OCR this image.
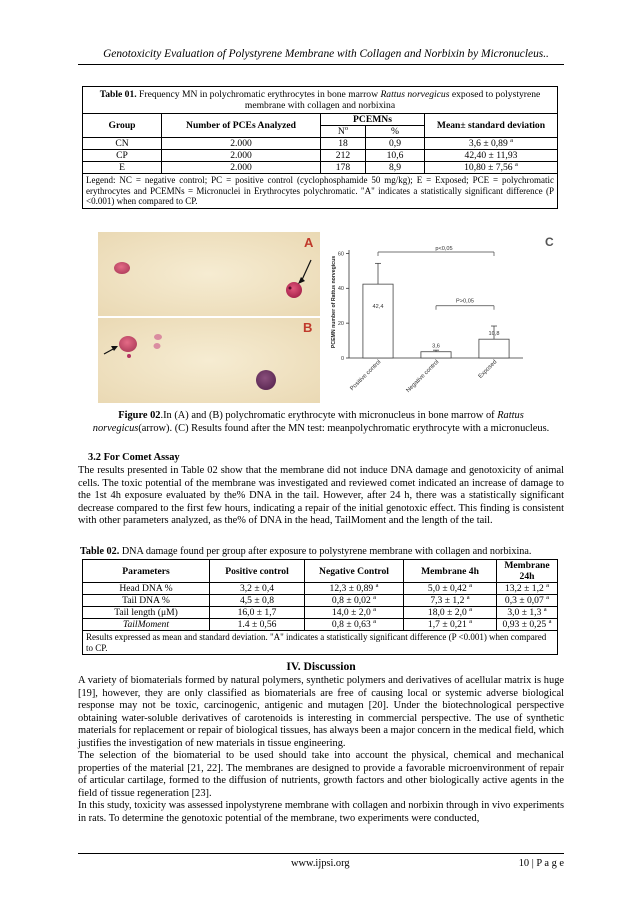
Genotoxicity Evaluation of Polystyrene Membrane with Collagen and Norbixin by Micronucleus..
Table 01. Frequency MN in polychromatic erythrocytes in bone marrow Rattus norvegicus exposed to polystyrene membrane with collagen and norbixina				
Group	Number of PCEs Analyzed	PCEMNs		Mean± standard deviation
		$N^o$	%	
CN	2.000	18	0,9	3,6 ± 0,89 $^a$
CP	2.000	212	10,6	42,40 ± 11,93
E	2.000	178	8,9	10,80 ± 7,56 $^a$
Legend: NC = negative control; PC = positive control (cyclophosphamide 50 mg/kg); E = Exposed; PCE = polychromatic erythrocytes and PCEMNs = Micronuclei in Erythrocytes polychromatic. "A" indicates a statistically significant difference (P <0.001) when compared to CP.				
A
B
C
PCEMN number of Rattus norvegicus
0
20
40
60
42,4
3,6
10,8
p<0,05
P>0,05
Positive control	Negative control	Exposed
Figure 02.In (A) and (B) polychromatic erythrocyte with micronucleus in bone marrow of Rattus norvegicus(arrow). (C) Results found after the MN test: meanpolychromatic erythrocyte with a micronucleus.
3.2 For Comet Assay
The results presented in Table 02 show that the membrane did not induce DNA damage and genotoxicity of animal cells. The toxic potential of the membrane was investigated and reviewed comet indicated an increase of damage to the 1st 4h exposure evaluated by the% DNA in the tail. However, after 24 h, there was a statistically significant decrease compared to the first few hours, indicating a repair of the initial genotoxic effect. This finding is consistent with other parameters analyzed, as the% of DNA in the head, TailMoment and the length of the tail.
Table 02. DNA damage found per group after exposure to polystyrene membrane with collagen and norbixina.
Parameters	Positive control	Negative Control	Membrane 4h	Membrane 24h
Head DNA %	3,2 ± 0,4	12,3 ± 0,89 $^a$	5,0 ± 0,42 $^a$	13,2 ± 1,2 $^a$
Tail DNA %	4,5 ± 0,8	0,8 ± 0,02 $^a$	7,3 ± 1,2 $^a$	0,3 ± 0,07 $^a$
Tail length (μM)	16,0 ± 1,7	14,0 ± 2,0 $^a$	18,0 ± 2,0 $^a$	3,0 ± 1,3 $^a$
TailMoment	1.4 ± 0,56	0,8 ± 0,63 $^a$	1,7 ± 0,21 $^a$	0,93 ± 0,25 $^a$
Results expressed as mean and standard deviation. "A" indicates a statistically significant difference (P <0.001) when compared to CP.				
IV. Discussion
A variety of biomaterials formed by natural polymers, synthetic polymers and derivatives of acellular matrix is huge [19], however, they are only classified as biomaterials are free of causing local or systemic adverse biological response may not be toxic, carcinogenic, antigenic and mutagen [20]. Under the biotechnological perspective obtaining water-soluble derivatives of carotenoids is interesting in commercial perspective. The use of synthetic materials for replacement or repair of biological tissues, has always been a major concern in the medical field, which justifies the investigation of new materials in tissue engineering.
The selection of the biomaterial to be used should take into account the physical, chemical and mechanical properties of the material [21, 22]. The membranes are designed to provide a favorable microenvironment of repair of articular cartilage, formed to the diffusion of nutrients, growth factors and other biologically active agents in the field of tissue regeneration [23].
In this study, toxicity was assessed inpolystyrene membrane with collagen and norbixin through in vivo experiments in rats. To determine the genotoxic potential of the membrane, two experiments were conducted,
www.ijpsi.org	10 | P a g e
